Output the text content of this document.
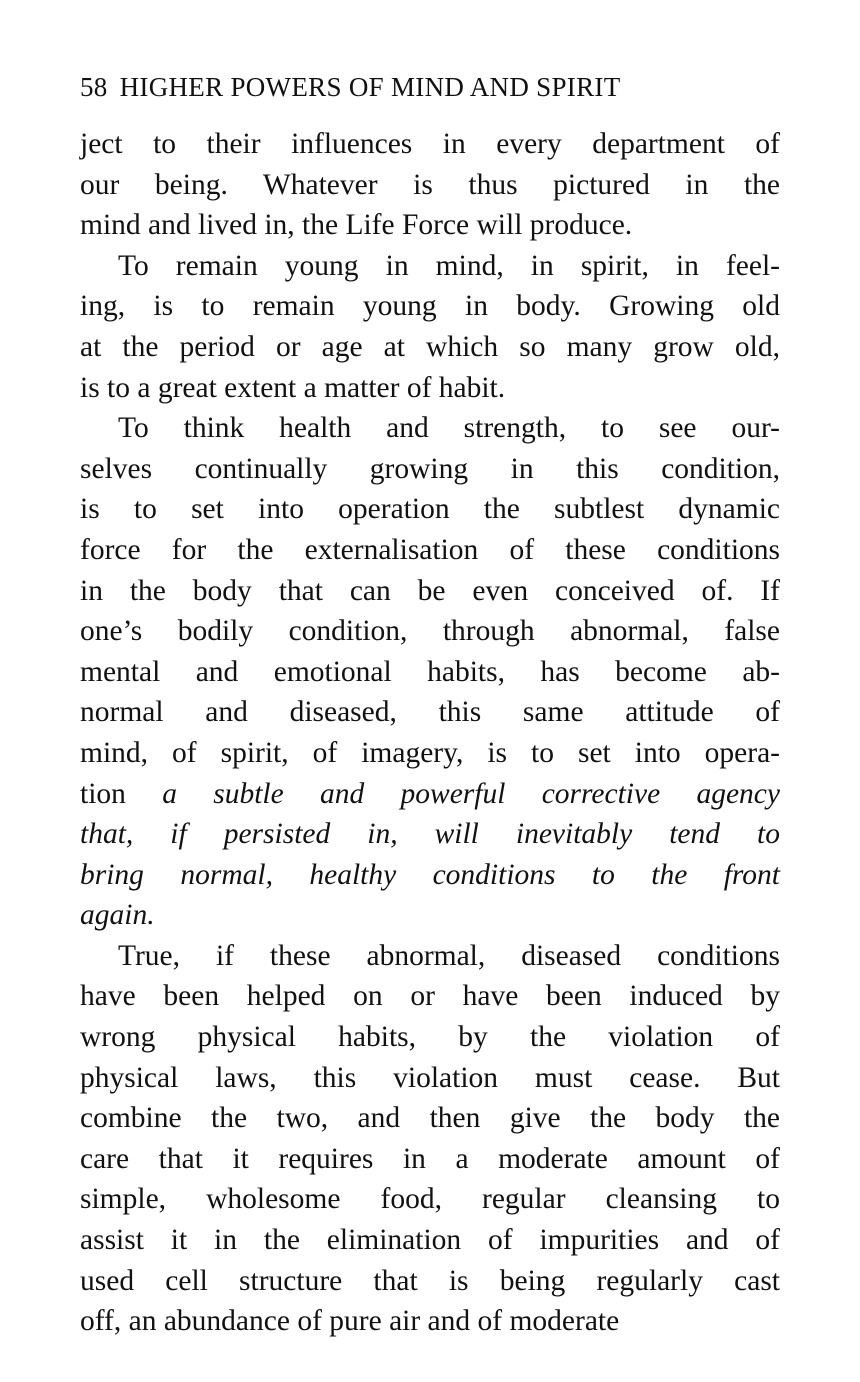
58 HIGHER POWERS OF MIND AND SPIRIT
ject to their influences in every department of
our being. Whatever is thus pictured in the
mind and lived in, the Life Force will produce.
To remain young in mind, in spirit, in feel-
ing, is to remain young in body. Growing old
at the period or age at which so many grow old,
is to a great extent a matter of habit.
To think health and strength, to see our-
selves continually growing in this condition,
is to set into operation the subtlest dynamic
force for the externalisation of these conditions
in the body that can be even conceived of. If
one’s bodily condition, through abnormal, false
mental and emotional habits, has become ab-
normal and diseased, this same attitude of
mind, of spirit, of imagery, is to set into opera-
tion a subtle and powerful corrective agency
that, if persisted in, will inevitably tend to
bring normal, healthy conditions to the front
again.
True, if these abnormal, diseased conditions
have been helped on or have been induced by
wrong physical habits, by the violation of
physical laws, this violation must cease. But
combine the two, and then give the body the
care that it requires in a moderate amount of
simple, wholesome food, regular cleansing to
assist it in the elimination of impurities and of
used cell structure that is being regularly cast
off, an abundance of pure air and of moderate
